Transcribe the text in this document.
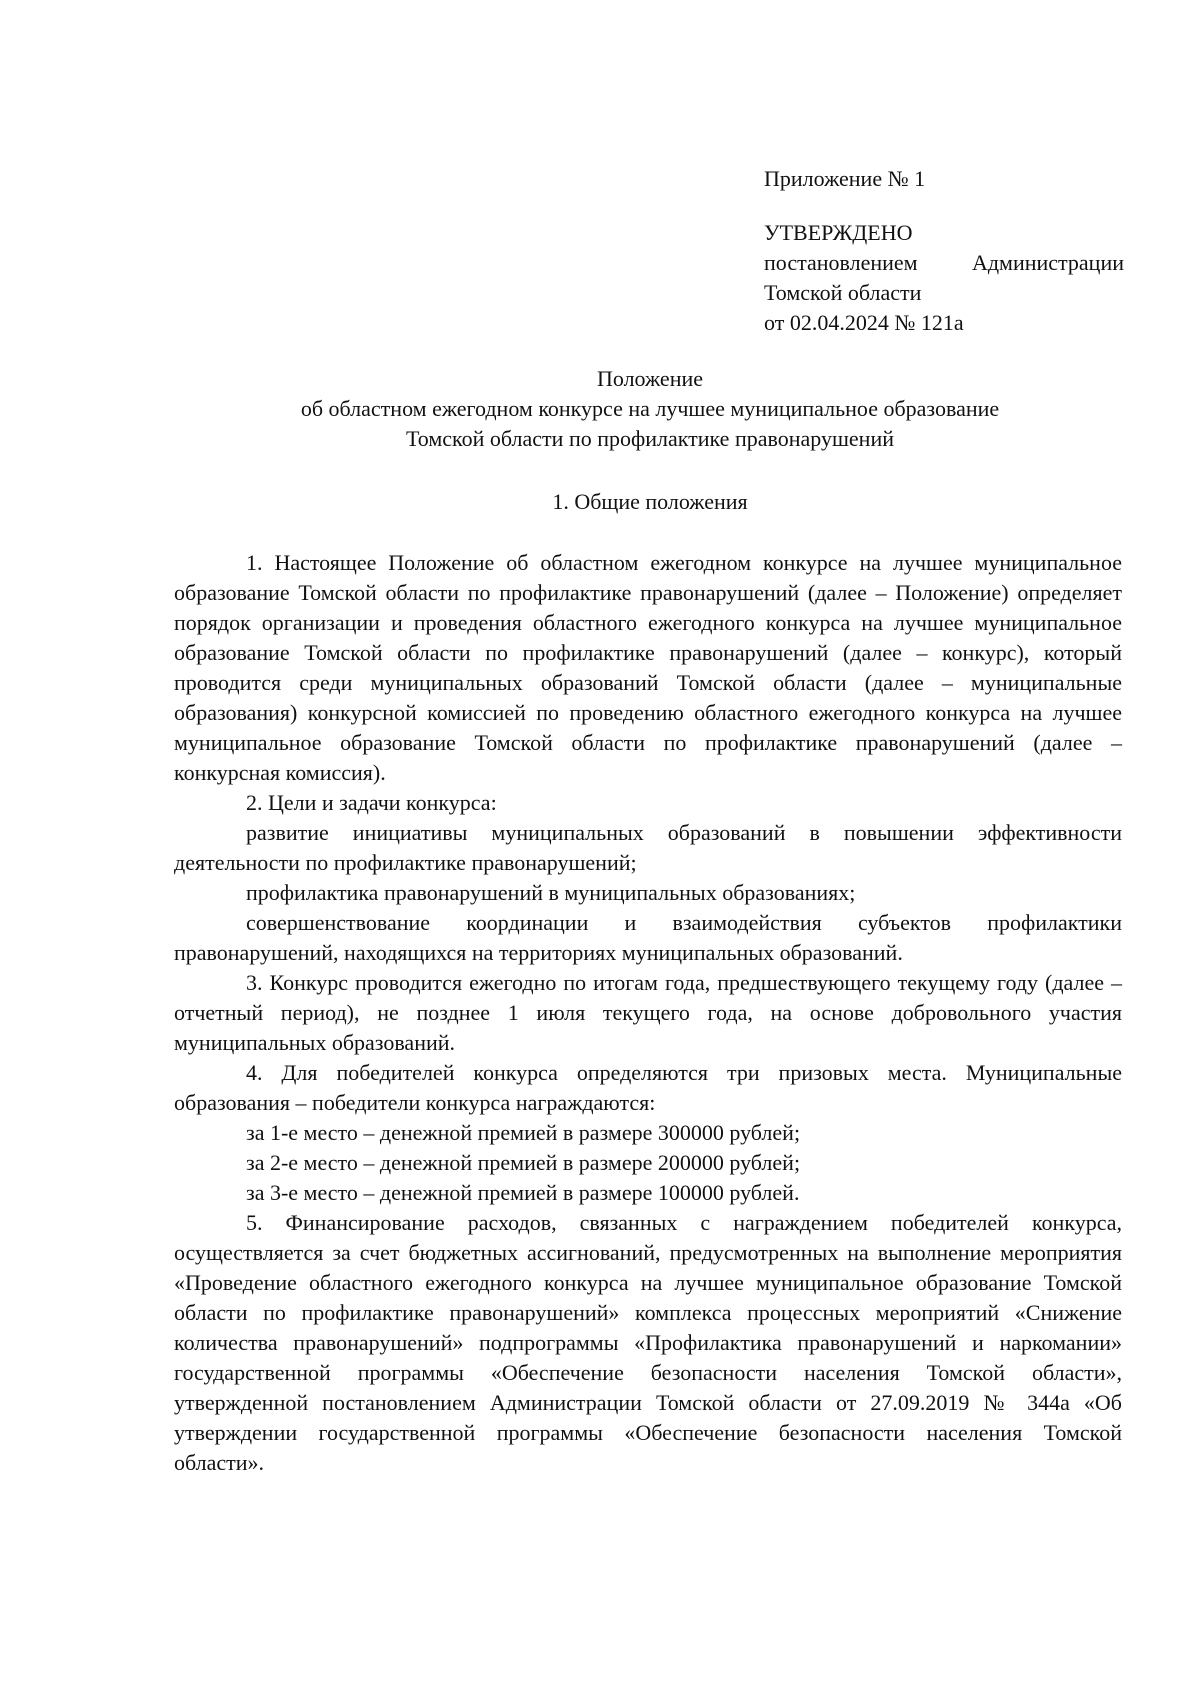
Приложение № 1

УТВЕРЖДЕНО

постановлением Администрации
Томской области
от 02.04.2024 № 121а
Положение
об областном ежегодном конкурсе на лучшее муниципальное образование
Томской области по профилактике правонарушений
1. Общие положения

1. Настоящее Положение об областном ежегодном конкурсе на лучшее муниципальное образование Томской области по профилактике правонарушений (далее – Положение) определяет порядок организации и проведения областного ежегодного конкурса на лучшее муниципальное образование Томской области по профилактике правонарушений (далее – конкурс), который проводится среди муниципальных образований Томской области (далее – муниципальные образования) конкурсной комиссией по проведению областного ежегодного конкурса на лучшее муниципальное образование Томской области по профилактике правонарушений (далее – конкурсная комиссия).

2. Цели и задачи конкурса:

развитие инициативы муниципальных образований в повышении эффективности деятельности по профилактике правонарушений;

профилактика правонарушений в муниципальных образованиях;

совершенствование координации и взаимодействия субъектов профилактики правонарушений, находящихся на территориях муниципальных образований.

3. Конкурс проводится ежегодно по итогам года, предшествующего текущему году (далее – отчетный период), не позднее 1 июля текущего года, на основе добровольного участия муниципальных образований.

4. Для победителей конкурса определяются три призовых места. Муниципальные образования – победители конкурса награждаются:

за 1-е место – денежной премией в размере 300000 рублей;

за 2-е место – денежной премией в размере 200000 рублей;

за 3-е место – денежной премией в размере 100000 рублей.

5. Финансирование расходов, связанных с награждением победителей конкурса, осуществляется за счет бюджетных ассигнований, предусмотренных на выполнение мероприятия «Проведение областного ежегодного конкурса на лучшее муниципальное образование Томской области по профилактике правонарушений» комплекса процессных мероприятий «Снижение количества правонарушений» подпрограммы «Профилактика правонарушений и наркомании» государственной программы «Обеспечение безопасности населения Томской области», утвержденной постановлением Администрации Томской области от 27.09.2019 № 344а «Об утверждении государственной программы «Обеспечение безопасности населения Томской области».
